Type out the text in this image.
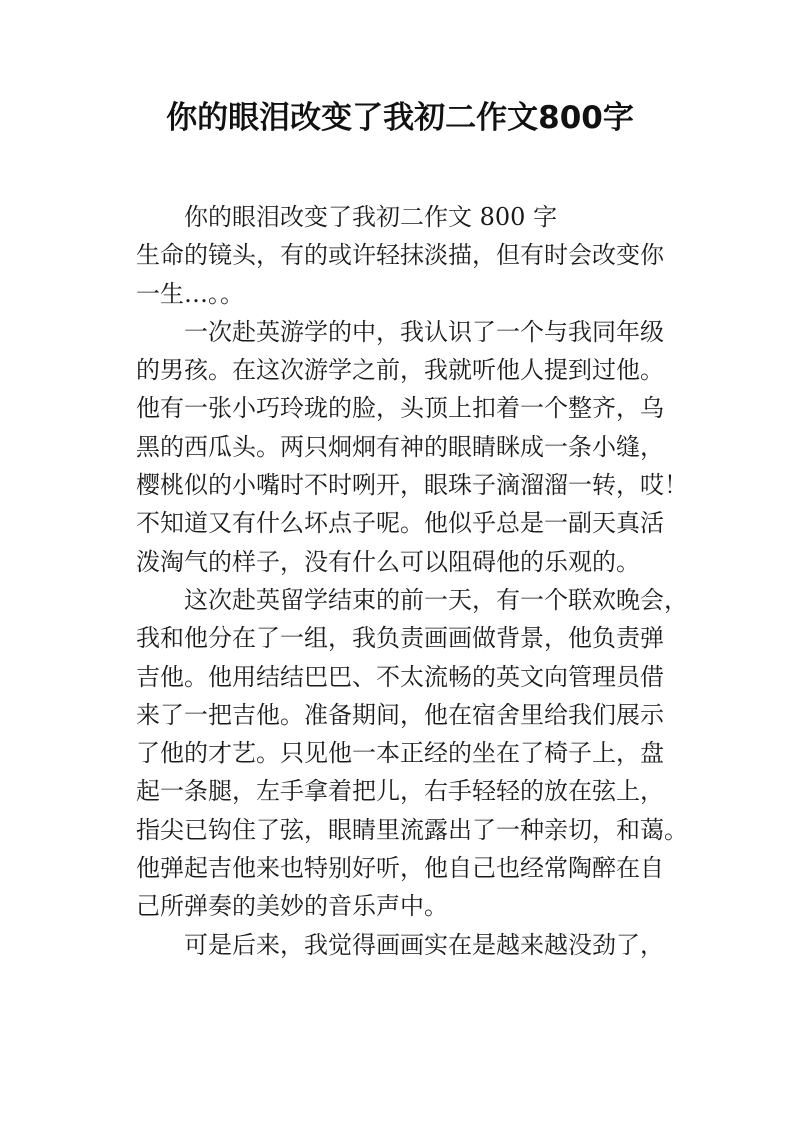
你的眼泪改变了我初二作文800字
你的眼泪改变了我初二作文 800 字
生命的镜头，有的或许轻抹淡描，但有时会改变你
一生…。。
一次赴英游学的中，我认识了一个与我同年级
的男孩。在这次游学之前，我就听他人提到过他。
他有一张小巧玲珑的脸，头顶上扣着一个整齐，乌
黑的西瓜头。两只炯炯有神的眼睛眯成一条小缝，
樱桃似的小嘴时不时咧开，眼珠子滴溜溜一转，哎！
不知道又有什么坏点子呢。他似乎总是一副天真活
泼淘气的样子，没有什么可以阻碍他的乐观的。
这次赴英留学结束的前一天，有一个联欢晚会，
我和他分在了一组，我负责画画做背景，他负责弹
吉他。他用结结巴巴、不太流畅的英文向管理员借
来了一把吉他。准备期间，他在宿舍里给我们展示
了他的才艺。只见他一本正经的坐在了椅子上，盘
起一条腿，左手拿着把儿，右手轻轻的放在弦上，
指尖已钩住了弦，眼睛里流露出了一种亲切，和蔼。
他弹起吉他来也特别好听，他自己也经常陶醉在自
己所弹奏的美妙的音乐声中。
可是后来，我觉得画画实在是越来越没劲了，
